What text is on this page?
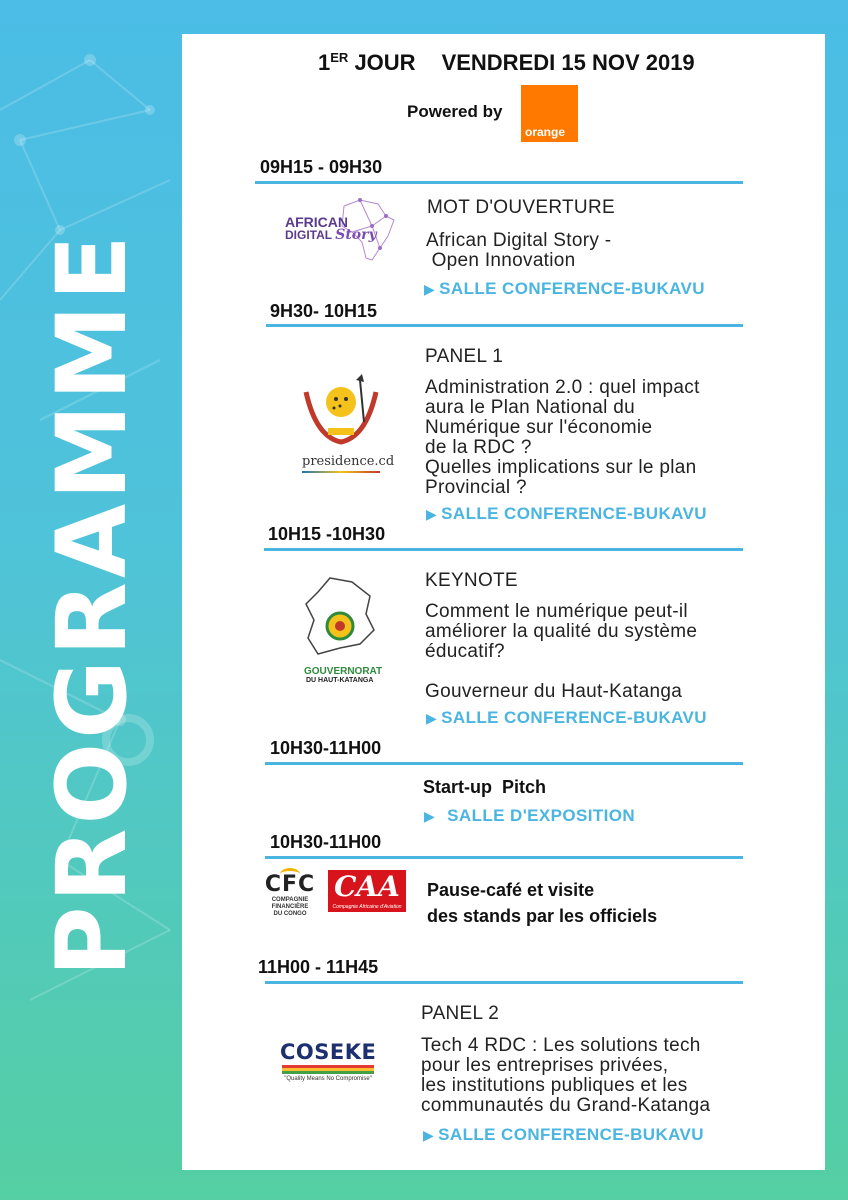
PROGRAMME
1ER JOUR VENDREDI 15 NOV 2019
Powered by
orange
09H15 - 09H30
AFRICAN
DIGITAL Story
MOT D'OUVERTURE
African Digital Story -
Open Innovation
▶ SALLE CONFERENCE-BUKAVU
9H30- 10H15
PANEL 1
presidence.cd
Administration 2.0 : quel impact
aura le Plan National du
Numérique sur l'économie
de la RDC ?
Quelles implications sur le plan
Provincial ?
▶ SALLE CONFERENCE-BUKAVU
10H15 -10H30
KEYNOTE
GOUVERNORAT
DU HAUT-KATANGA
Comment le numérique peut-il
améliorer la qualité du système
éducatif?
Gouverneur du Haut-Katanga
▶ SALLE CONFERENCE-BUKAVU
10H30-11H00
Start-up  Pitch
▶ SALLE D'EXPOSITION
10H30-11H00
CFC
COMPAGNIE
FINANCIÈRE
DU CONGO
CAA
Compagnie Africaine d'Aviation
Pause-café et visite
des stands par les officiels
11H00 - 11H45
PANEL 2
COSEKE
"Quality Means No Compromise"
Tech 4 RDC : Les solutions tech
pour les entreprises privées,
les institutions publiques et les
communautés du Grand-Katanga
▶ SALLE CONFERENCE-BUKAVU
